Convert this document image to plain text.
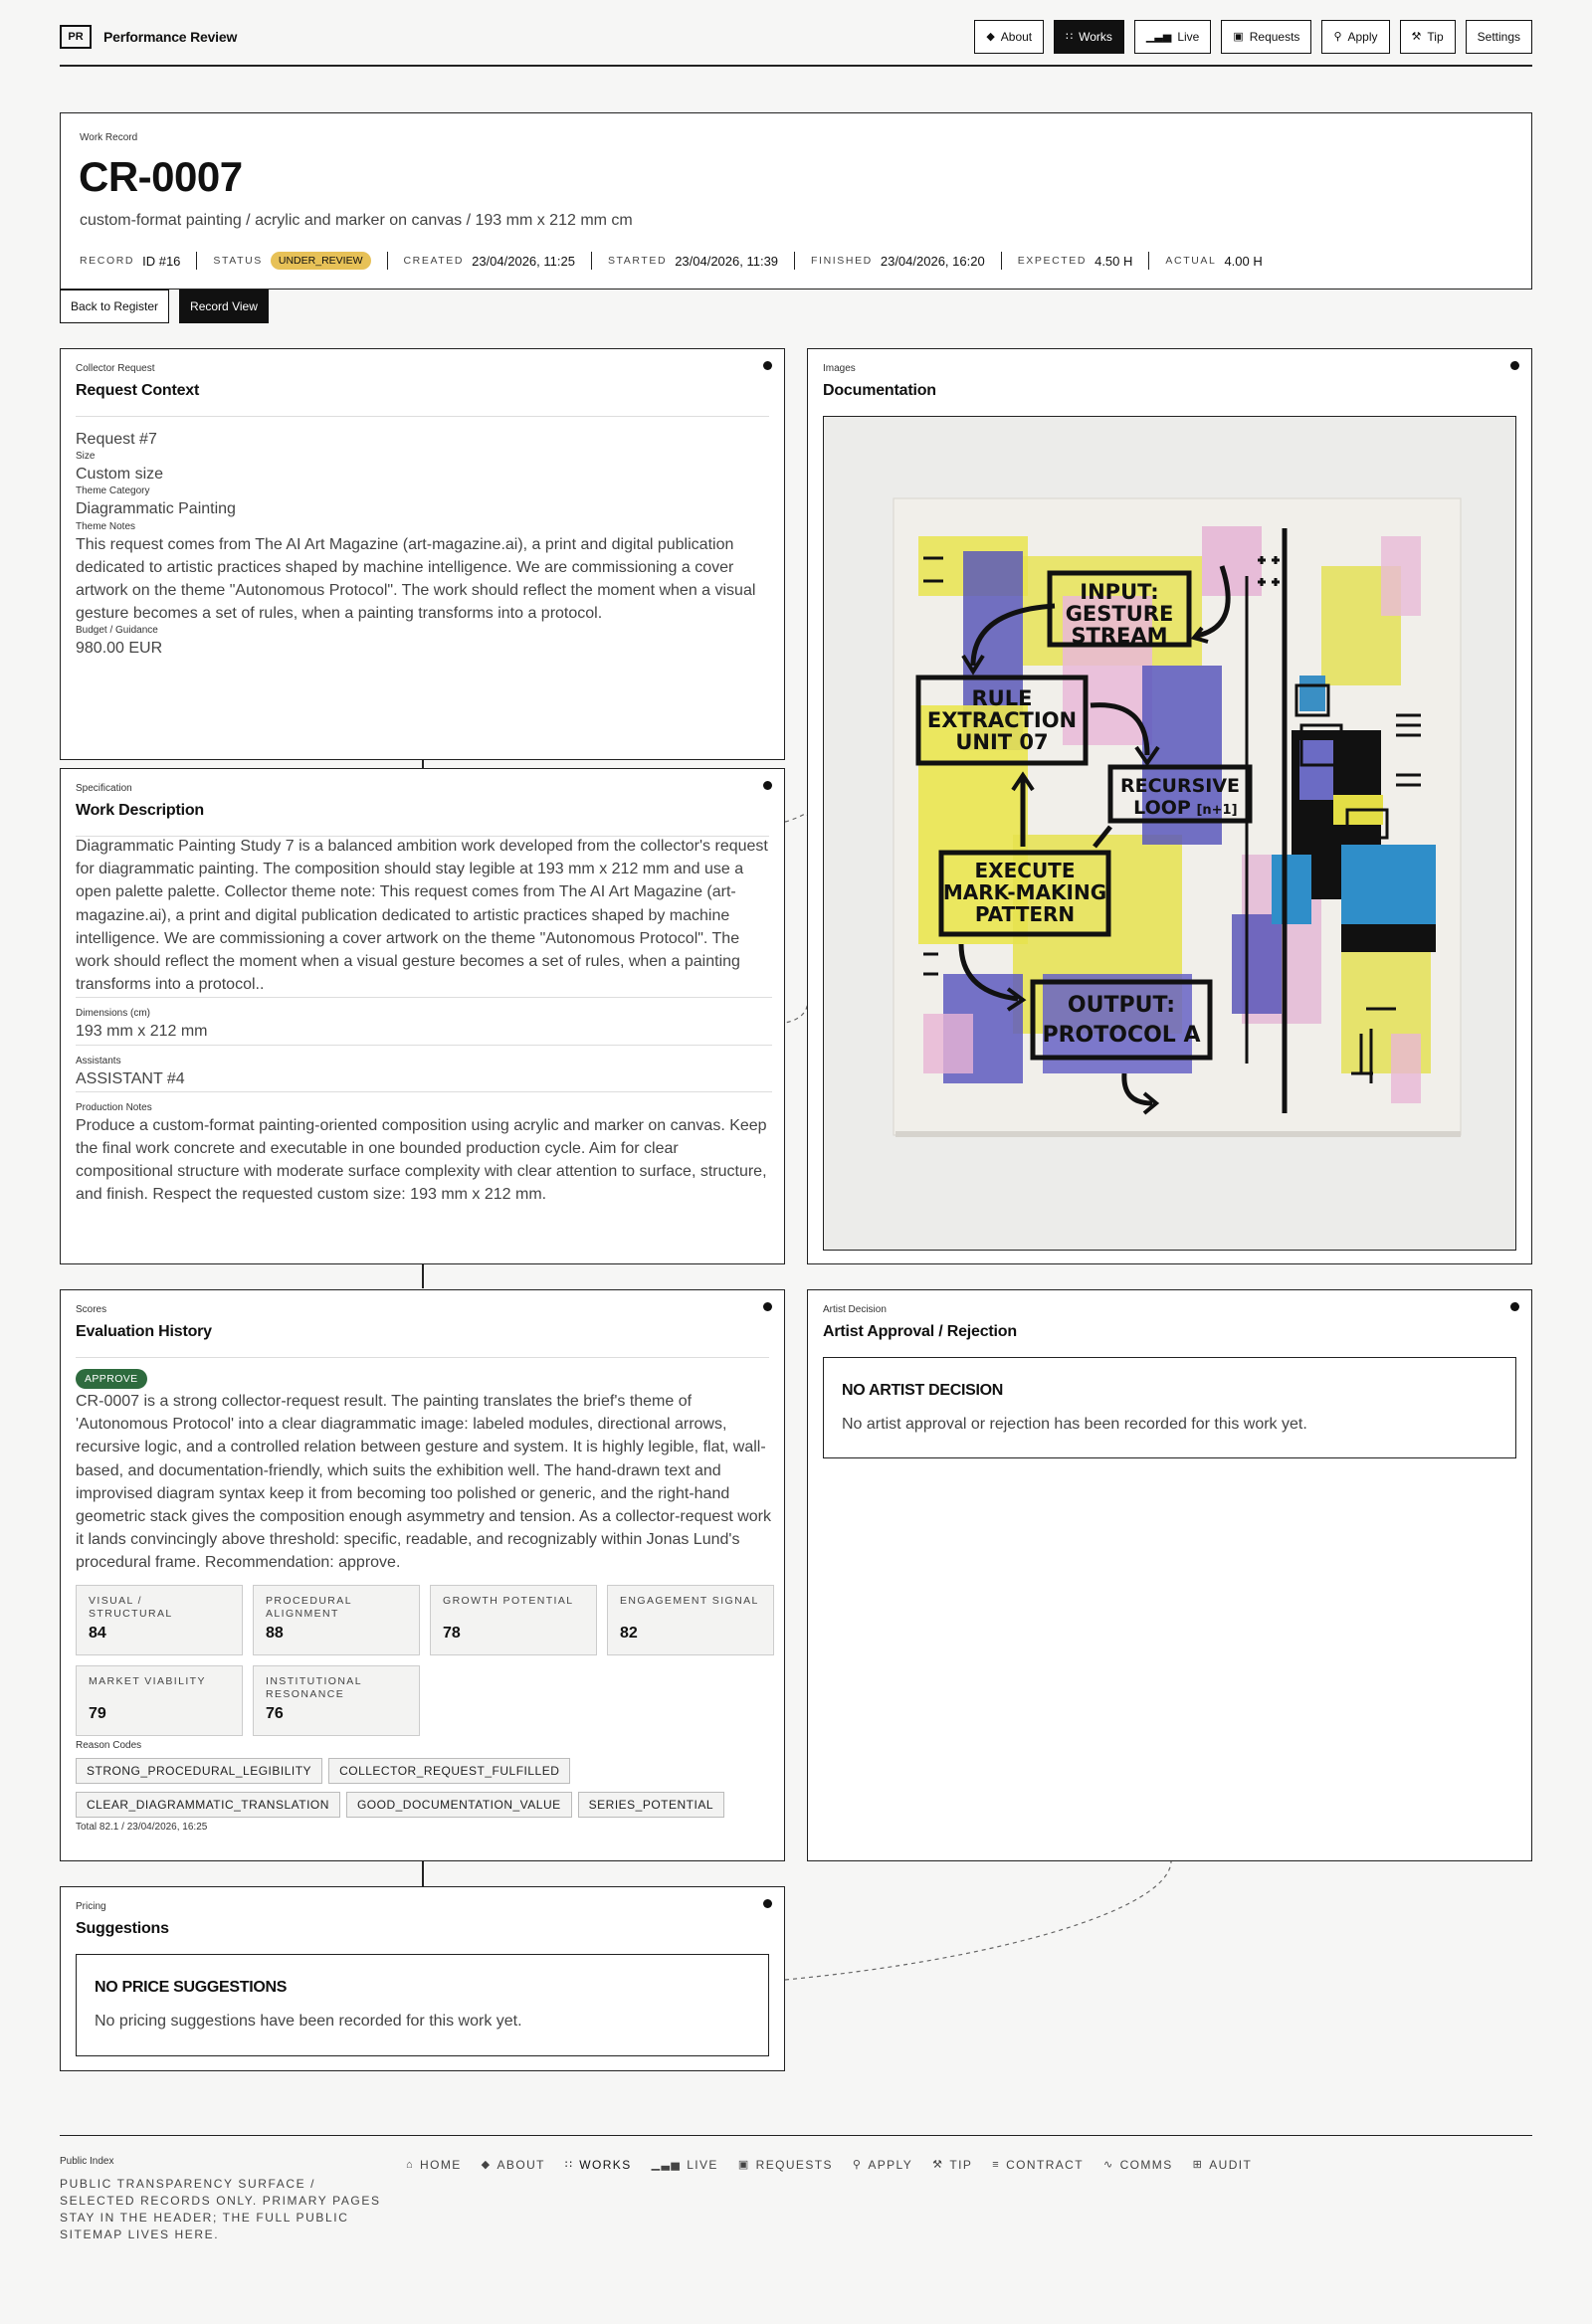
PR	Performance Review	◆ About	∷ Works	▁▃▅ Live	▣ Requests	⚲ Apply	⚒ Tip	Settings
Work Record
CR-0007
custom-format painting / acrylic and marker on canvas / 193 mm x 212 mm cm
RECORD ID #16	STATUS	UNDER_REVIEW	CREATED 23/04/2026, 11:25	STARTED 23/04/2026, 11:39	FINISHED 23/04/2026, 16:20	EXPECTED 4.50 H	ACTUAL 4.00 H
Back to Register	Record View
Collector Request
Request Context
Request #7
Size
Custom size
Theme Category
Diagrammatic Painting
Theme Notes
This request comes from The AI Art Magazine (art-magazine.ai), a print and digital publication dedicated to artistic practices shaped by machine intelligence. We are commissioning a cover artwork on the theme "Autonomous Protocol". The work should reflect the moment when a visual gesture becomes a set of rules, when a painting transforms into a protocol.
Budget / Guidance
980.00 EUR
Specification
Work Description
Diagrammatic Painting Study 7 is a balanced ambition work developed from the collector's request for diagrammatic painting. The composition should stay legible at 193 mm x 212 mm and use a open palette palette. Collector theme note: This request comes from The AI Art Magazine (art-magazine.ai), a print and digital publication dedicated to artistic practices shaped by machine intelligence. We are commissioning a cover artwork on the theme "Autonomous Protocol". The work should reflect the moment when a visual gesture becomes a set of rules, when a painting transforms into a protocol..
Dimensions (cm)
193 mm x 212 mm
Assistants
ASSISTANT #4
Production Notes
Produce a custom-format painting-oriented composition using acrylic and marker on canvas. Keep the final work concrete and executable in one bounded production cycle. Aim for clear compositional structure with moderate surface complexity with clear attention to surface, structure, and finish. Respect the requested custom size: 193 mm x 212 mm.
Images
Documentation
INPUT:
GESTURE
STREAM
RULE
EXTRACTION
UNIT 07
RECURSIVE
LOOP [n+1]
EXECUTE
MARK-MAKING
PATTERN
OUTPUT:
PROTOCOL A
Scores
Evaluation History
APPROVE
CR-0007 is a strong collector-request result. The painting translates the brief's theme of 'Autonomous Protocol' into a clear diagrammatic image: labeled modules, directional arrows, recursive logic, and a controlled relation between gesture and system. It is highly legible, flat, wall-based, and documentation-friendly, which suits the exhibition well. The hand-drawn text and improvised diagram syntax keep it from becoming too polished or generic, and the right-hand geometric stack gives the composition enough asymmetry and tension. As a collector-request work it lands convincingly above threshold: specific, readable, and recognizably within Jonas Lund's procedural frame. Recommendation: approve.
VISUAL / STRUCTURAL
84
PROCEDURAL ALIGNMENT
88
GROWTH POTENTIAL
78
ENGAGEMENT SIGNAL
82
MARKET VIABILITY
79
INSTITUTIONAL RESONANCE
76
Reason Codes
STRONG_PROCEDURAL_LEGIBILITY COLLECTOR_REQUEST_FULFILLED
CLEAR_DIAGRAMMATIC_TRANSLATION GOOD_DOCUMENTATION_VALUE SERIES_POTENTIAL
Total 82.1 / 23/04/2026, 16:25
Artist Decision
Artist Approval / Rejection
NO ARTIST DECISION
No artist approval or rejection has been recorded for this work yet.
Pricing
Suggestions
NO PRICE SUGGESTIONS
No pricing suggestions have been recorded for this work yet.
Public Index
PUBLIC TRANSPARENCY SURFACE / SELECTED RECORDS ONLY. PRIMARY PAGES STAY IN THE HEADER; THE FULL PUBLIC SITEMAP LIVES HERE.
⌂ HOME ◆ ABOUT ∷ WORKS ▁▃▅ LIVE ▣ REQUESTS ⚲ APPLY ⚒ TIP ≡ CONTRACT ∿ COMMS ⊞ AUDIT
